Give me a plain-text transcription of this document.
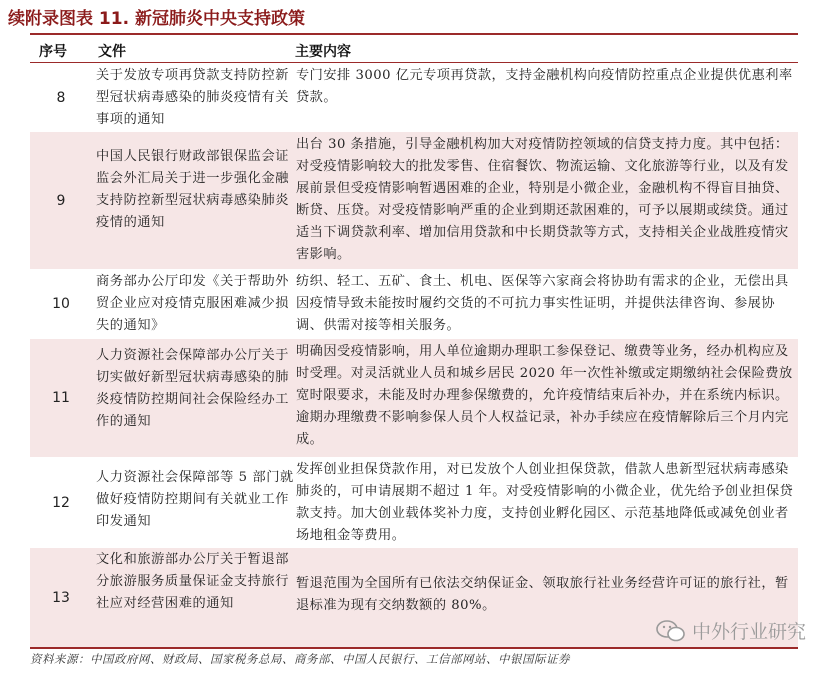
续附录图表 11. 新冠肺炎中央支持政策
序号 文件	主要内容
8
关于发放专项再贷款支持防控新型冠状病毒感染的肺炎疫情有关事项的通知
专门安排 3000 亿元专项再贷款，支持金融机构向疫情防控重点企业提供优惠利率贷款。
9
中国人民银行财政部银保监会证监会外汇局关于进一步强化金融支持防控新型冠状病毒感染肺炎疫情的通知
出台 30 条措施，引导金融机构加大对疫情防控领域的信贷支持力度。其中包括：对受疫情影响较大的批发零售、住宿餐饮、物流运输、文化旅游等行业，以及有发展前景但受疫情影响暂遇困难的企业，特别是小微企业，金融机构不得盲目抽贷、断贷、压贷。对受疫情影响严重的企业到期还款困难的，可予以展期或续贷。通过适当下调贷款利率、增加信用贷款和中长期贷款等方式，支持相关企业战胜疫情灾害影响。
10
商务部办公厅印发《关于帮助外贸企业应对疫情克服困难减少损失的通知》
纺织、轻工、五矿、食土、机电、医保等六家商会将协助有需求的企业，无偿出具因疫情导致未能按时履约交货的不可抗力事实性证明，并提供法律咨询、参展协调、供需对接等相关服务。
11
人力资源社会保障部办公厅关于切实做好新型冠状病毒感染的肺炎疫情防控期间社会保险经办工作的通知
明确因受疫情影响，用人单位逾期办理职工参保登记、缴费等业务，经办机构应及时受理。对灵活就业人员和城乡居民 2020 年一次性补缴或定期缴纳社会保险费放宽时限要求，未能及时办理参保缴费的，允许疫情结束后补办，并在系统内标识。逾期办理缴费不影响参保人员个人权益记录，补办手续应在疫情解除后三个月内完成。
12
人力资源社会保障部等 5 部门就做好疫情防控期间有关就业工作印发通知
发挥创业担保贷款作用，对已发放个人创业担保贷款，借款人患新型冠状病毒感染肺炎的，可申请展期不超过 1 年。对受疫情影响的小微企业，优先给予创业担保贷款支持。加大创业载体奖补力度，支持创业孵化园区、示范基地降低或减免创业者场地租金等费用。
13
文化和旅游部办公厅关于暂退部分旅游服务质量保证金支持旅行社应对经营困难的通知
暂退范围为全国所有已依法交纳保证金、领取旅行社业务经营许可证的旅行社，暂退标准为现有交纳数额的 80%。
资料来源：中国政府网、财政局、国家税务总局、商务部、中国人民银行、工信部网站、中银国际证券
中外行业研究
